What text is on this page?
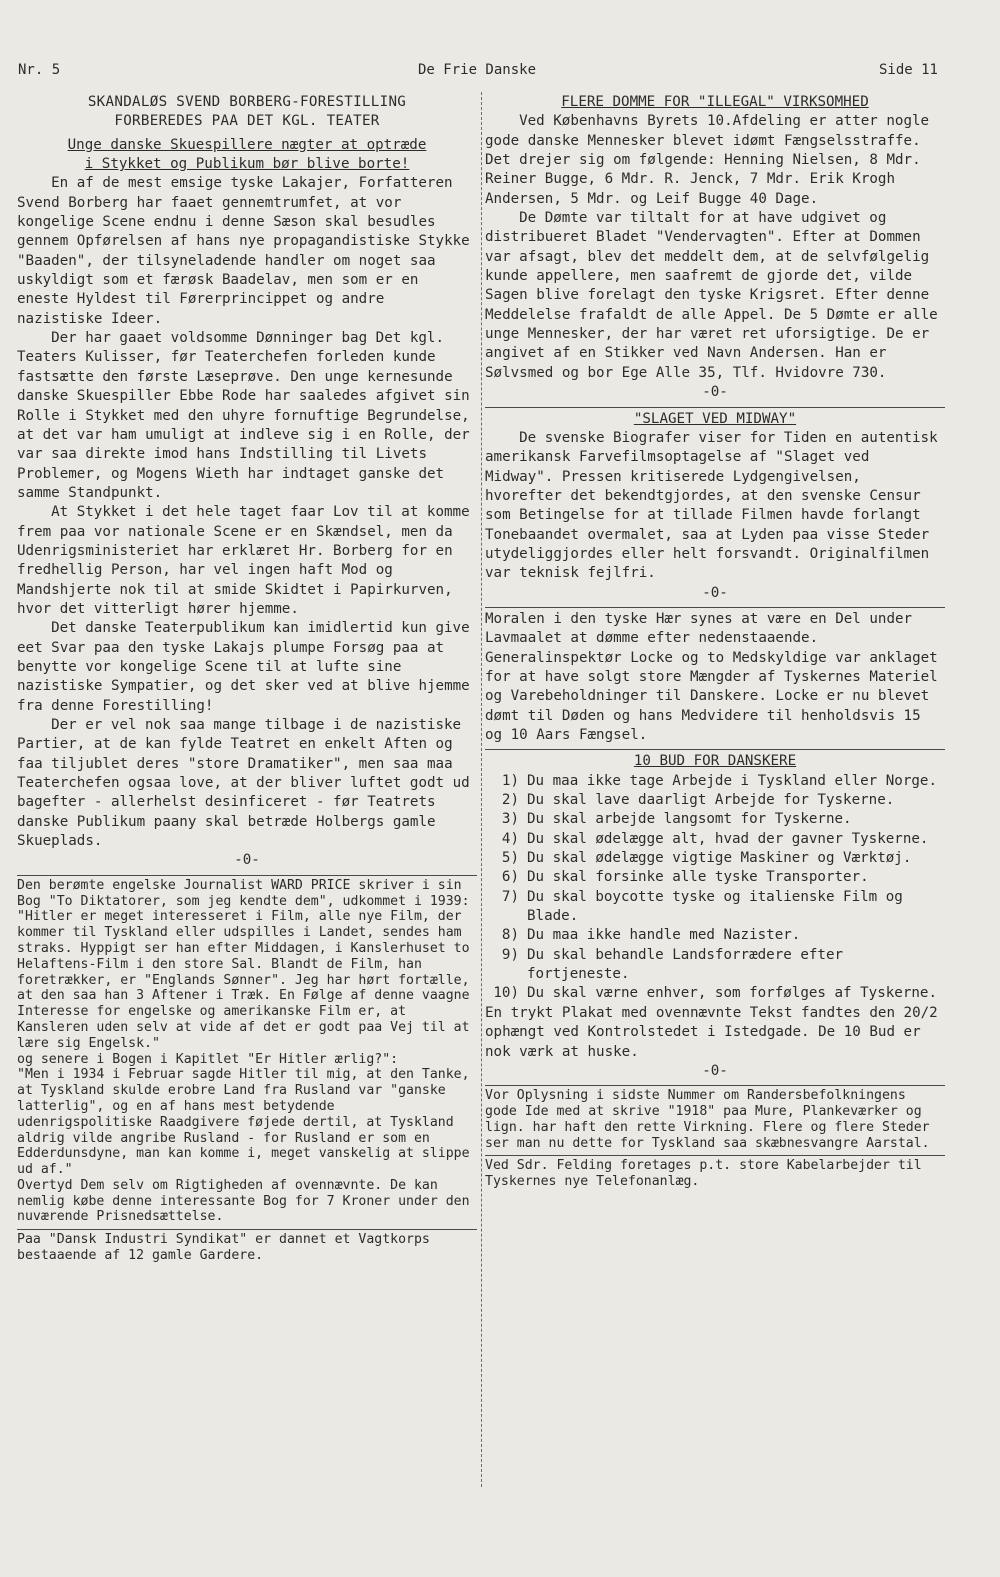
Nr. 5	De Frie Danske	Side 11

SKANDALØS SVEND BORBERG-FORESTILLING

FORBEREDES PAA DET KGL. TEATER

Unge danske Skuespillere nægter at optræde
i Stykket og Publikum bør blive borte!

En af de mest emsige tyske Lakajer, Forfatteren Svend Borberg har faaet gennemtrumfet, at vor kongelige Scene endnu i denne Sæson skal besudles gennem Opførelsen af hans nye propagandistiske Stykke "Baaden", der tilsyneladende handler om noget saa uskyldigt som et færøsk Baadelav, men som er en eneste Hyldest til Førerprincippet og andre nazistiske Ideer.

Der har gaaet voldsomme Dønninger bag Det kgl. Teaters Kulisser, før Teaterchefen forleden kunde fastsætte den første Læseprøve. Den unge kernesunde danske Skuespiller Ebbe Rode har saaledes afgivet sin Rolle i Stykket med den uhyre fornuftige Begrundelse, at det var ham umuligt at indleve sig i en Rolle, der var saa direkte imod hans Indstilling til Livets Problemer, og Mogens Wieth har indtaget ganske det samme Standpunkt.

At Stykket i det hele taget faar Lov til at komme frem paa vor nationale Scene er en Skændsel, men da Udenrigsministeriet har erklæret Hr. Borberg for en fredhellig Person, har vel ingen haft Mod og Mandshjerte nok til at smide Skidtet i Papirkurven, hvor det vitterligt hører hjemme.

Det danske Teaterpublikum kan imidlertid kun give eet Svar paa den tyske Lakajs plumpe Forsøg paa at benytte vor kongelige Scene til at lufte sine nazistiske Sympatier, og det sker ved at blive hjemme fra denne Forestilling!

Der er vel nok saa mange tilbage i de nazistiske Partier, at de kan fylde Teatret en enkelt Aften og faa tiljublet deres "store Dramatiker", men saa maa Teaterchefen ogsaa love, at der bliver luftet godt ud bagefter - allerhelst desinficeret - før Teatrets danske Publikum paany skal betræde Holbergs gamle Skueplads.

-0-

Den berømte engelske Journalist WARD PRICE skriver i sin Bog "To Diktatorer, som jeg kendte dem", udkommet i 1939:

"Hitler er meget interesseret i Film, alle nye Film, der kommer til Tyskland eller udspilles i Landet, sendes ham straks. Hyppigt ser han efter Middagen, i Kanslerhuset to Helaftens-Film i den store Sal. Blandt de Film, han foretrækker, er "Englands Sønner". Jeg har hørt fortælle, at den saa han 3 Aftener i Træk. En Følge af denne vaagne Interesse for engelske og amerikanske Film er, at Kansleren uden selv at vide af det er godt paa Vej til at lære sig Engelsk."

og senere i Bogen i Kapitlet "Er Hitler ærlig?":

"Men i 1934 i Februar sagde Hitler til mig, at den Tanke, at Tyskland skulde erobre Land fra Rusland var "ganske latterlig", og en af hans mest betydende udenrigspolitiske Raadgivere føjede dertil, at Tyskland aldrig vilde angribe Rusland - for Rusland er som en Edderdunsdyne, man kan komme i, meget vanskelig at slippe ud af."

Overtyd Dem selv om Rigtigheden af ovennævnte. De kan nemlig købe denne interessante Bog for 7 Kroner under den nuværende Prisnedsættelse.

Paa "Dansk Industri Syndikat" er dannet et Vagtkorps bestaaende af 12 gamle Gardere.

FLERE DOMME FOR "ILLEGAL" VIRKSOMHED

Ved Københavns Byrets 10.Afdeling er atter nogle gode danske Mennesker blevet idømt Fængselsstraffe. Det drejer sig om følgende: Henning Nielsen, 8 Mdr. Reiner Bugge, 6 Mdr. R. Jenck, 7 Mdr. Erik Krogh Andersen, 5 Mdr. og Leif Bugge 40 Dage.

De Dømte var tiltalt for at have udgivet og distribueret Bladet "Vendervagten". Efter at Dommen var afsagt, blev det meddelt dem, at de selvfølgelig kunde appellere, men saafremt de gjorde det, vilde Sagen blive forelagt den tyske Krigsret. Efter denne Meddelelse frafaldt de alle Appel. De 5 Dømte er alle unge Mennesker, der har været ret uforsigtige. De er angivet af en Stikker ved Navn Andersen. Han er Sølvsmed og bor Ege Alle 35, Tlf. Hvidovre 730.

-0-

"SLAGET VED MIDWAY"

De svenske Biografer viser for Tiden en autentisk amerikansk Farvefilmsoptagelse af "Slaget ved Midway". Pressen kritiserede Lydgengivelsen, hvorefter det bekendtgjordes, at den svenske Censur som Betingelse for at tillade Filmen havde forlangt Tonebaandet overmalet, saa at Lyden paa visse Steder utydeliggjordes eller helt forsvandt. Originalfilmen var teknisk fejlfri.

-0-

Moralen i den tyske Hær synes at være en Del under Lavmaalet at dømme efter nedenstaaende.

Generalinspektør Locke og to Medskyldige var anklaget for at have solgt store Mængder af Tyskernes Materiel og Varebeholdninger til Danskere. Locke er nu blevet dømt til Døden og hans Medvidere til henholdsvis 15 og 10 Aars Fængsel.

10 BUD FOR DANSKERE

1) Du maa ikke tage Arbejde i Tyskland eller Norge.
2) Du skal lave daarligt Arbejde for Tyskerne.
3) Du skal arbejde langsomt for Tyskerne.
4) Du skal ødelægge alt, hvad der gavner Tyskerne.
5) Du skal ødelægge vigtige Maskiner og Værktøj.
6) Du skal forsinke alle tyske Transporter.
7) Du skal boycotte tyske og italienske Film og Blade.
8) Du maa ikke handle med Nazister.
9) Du skal behandle Landsforrædere efter fortjeneste.
10) Du skal værne enhver, som forfølges af Tyskerne.

En trykt Plakat med ovennævnte Tekst fandtes den 20/2 ophængt ved Kontrolstedet i Istedgade. De 10 Bud er nok værk at huske.

-0-

Vor Oplysning i sidste Nummer om Randersbefolkningens gode Ide med at skrive "1918" paa Mure, Plankeværker og lign. har haft den rette Virkning. Flere og flere Steder ser man nu dette for Tyskland saa skæbnesvangre Aarstal.

Ved Sdr. Felding foretages p.t. store Kabelarbejder til Tyskernes nye Telefonanlæg.
